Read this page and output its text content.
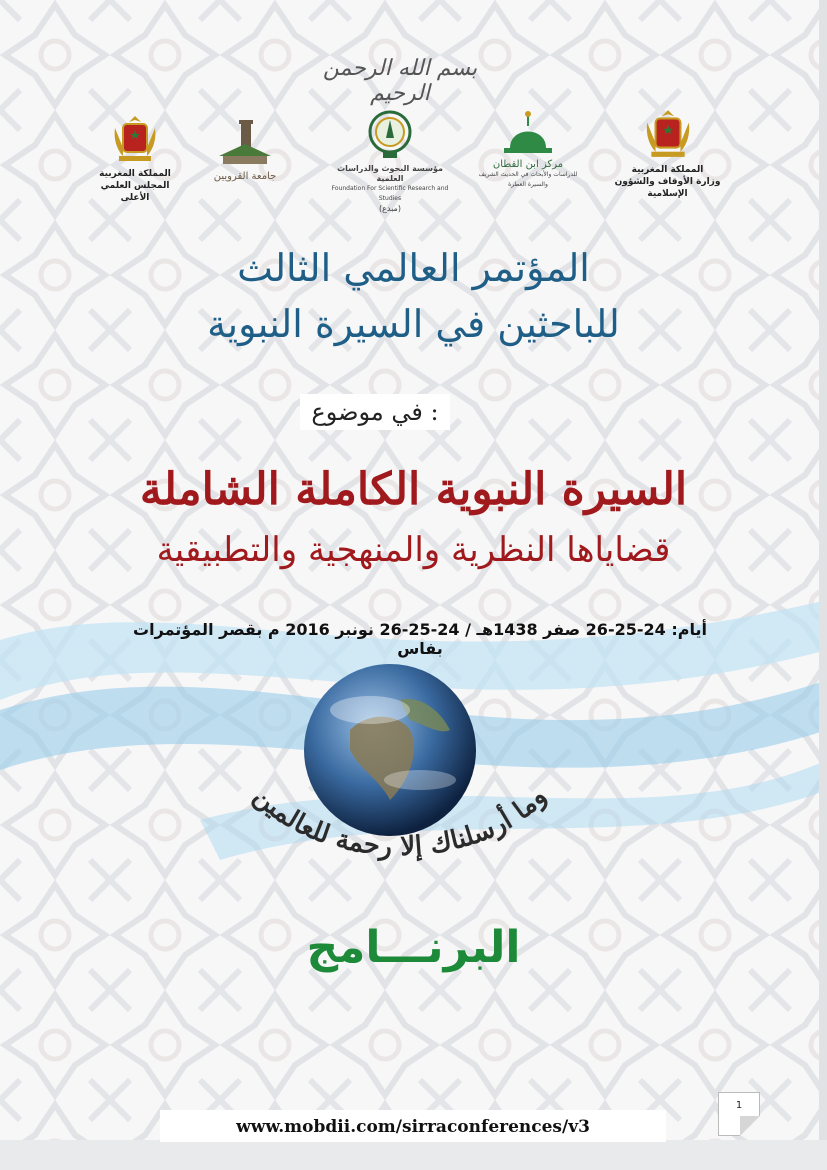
بسم الله الرحمن الرحيم
المملكة المغربية
المجلس العلمي الأعلى
جامعة القرويين
مؤسسة البحوث والدراسات العلمية
Foundation For Scientific Research and Studies
(مبدع)
مركز ابن القطان
للدراسات والأبحاث في الحديث الشريف والسيرة العطرة
المملكة المغربية
وزارة الأوقاف والشؤون الإسلامية
المؤتمر العالمي الثالث
للباحثين في السيرة النبوية
في موضوع :
السيرة النبوية الكاملة الشاملة
قضاياها النظرية والمنهجية والتطبيقية
أيام: 24-25-26 صفر 1438هـ / 24-25-26 نونبر 2016 م بقصر المؤتمرات بفاس
وما أرسلناك إلا رحمة للعالمين
البرنـــامج
1
www.mobdii.com/sirraconferences/v3
